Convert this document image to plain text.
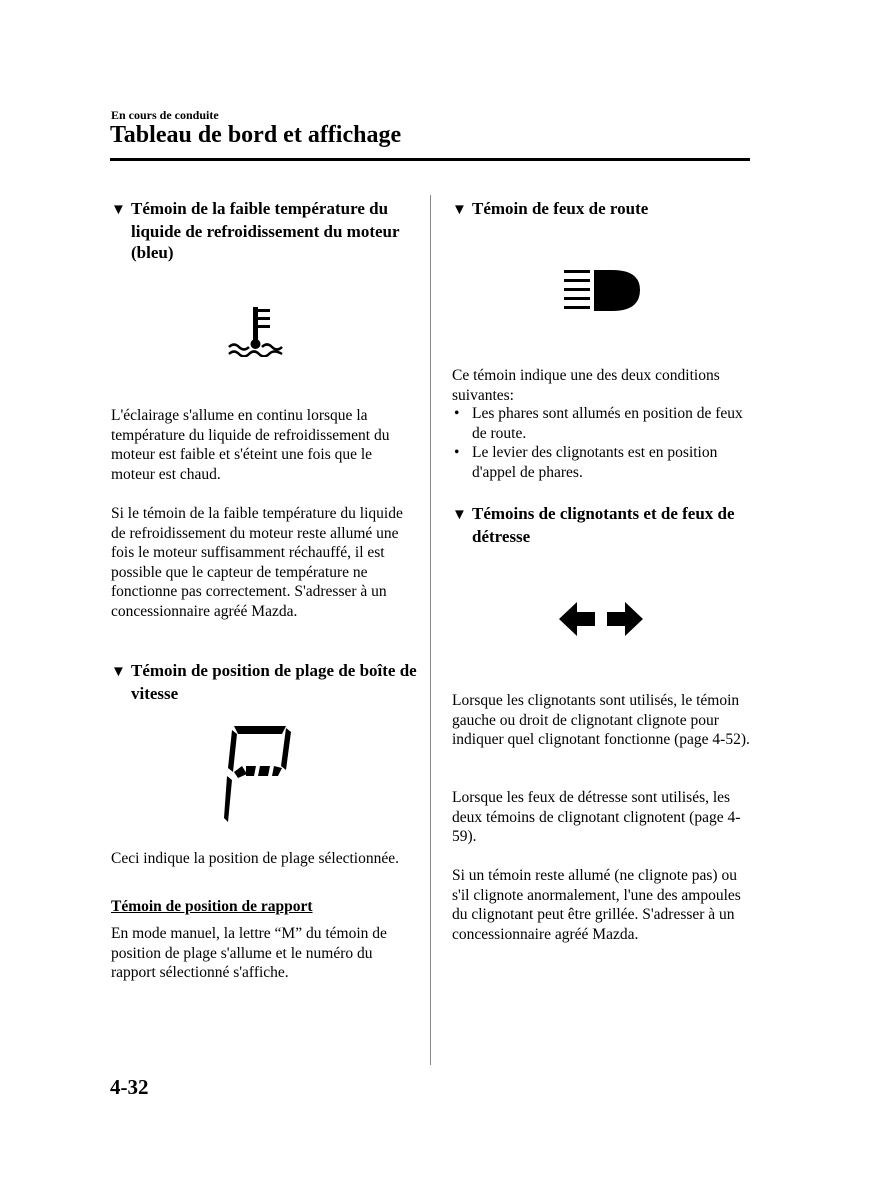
En cours de conduite
Tableau de bord et affichage
▼ Témoin de la faible température du liquide de refroidissement du moteur (bleu)

L'éclairage s'allume en continu lorsque la température du liquide de refroidissement du moteur est faible et s'éteint une fois que le moteur est chaud.

Si le témoin de la faible température du liquide de refroidissement du moteur reste allumé une fois le moteur suffisamment réchauffé, il est possible que le capteur de température ne fonctionne pas correctement. S'adresser à un concessionnaire agréé Mazda.

▼ Témoin de position de plage de boîte de vitesse

Ceci indique la position de plage sélectionnée.

Témoin de position de rapport

En mode manuel, la lettre “M” du témoin de position de plage s'allume et le numéro du rapport sélectionné s'affiche.

▼ Témoin de feux de route

Ce témoin indique une des deux conditions suivantes:

• Les phares sont allumés en position de feux de route.
• Le levier des clignotants est en position d'appel de phares.
▼ Témoins de clignotants et de feux de détresse

Lorsque les clignotants sont utilisés, le témoin gauche ou droit de clignotant clignote pour indiquer quel clignotant fonctionne (page 4-52).

Lorsque les feux de détresse sont utilisés, les deux témoins de clignotant clignotent (page 4-59).

Si un témoin reste allumé (ne clignote pas) ou s'il clignote anormalement, l'une des ampoules du clignotant peut être grillée. S'adresser à un concessionnaire agréé Mazda.

4-32
